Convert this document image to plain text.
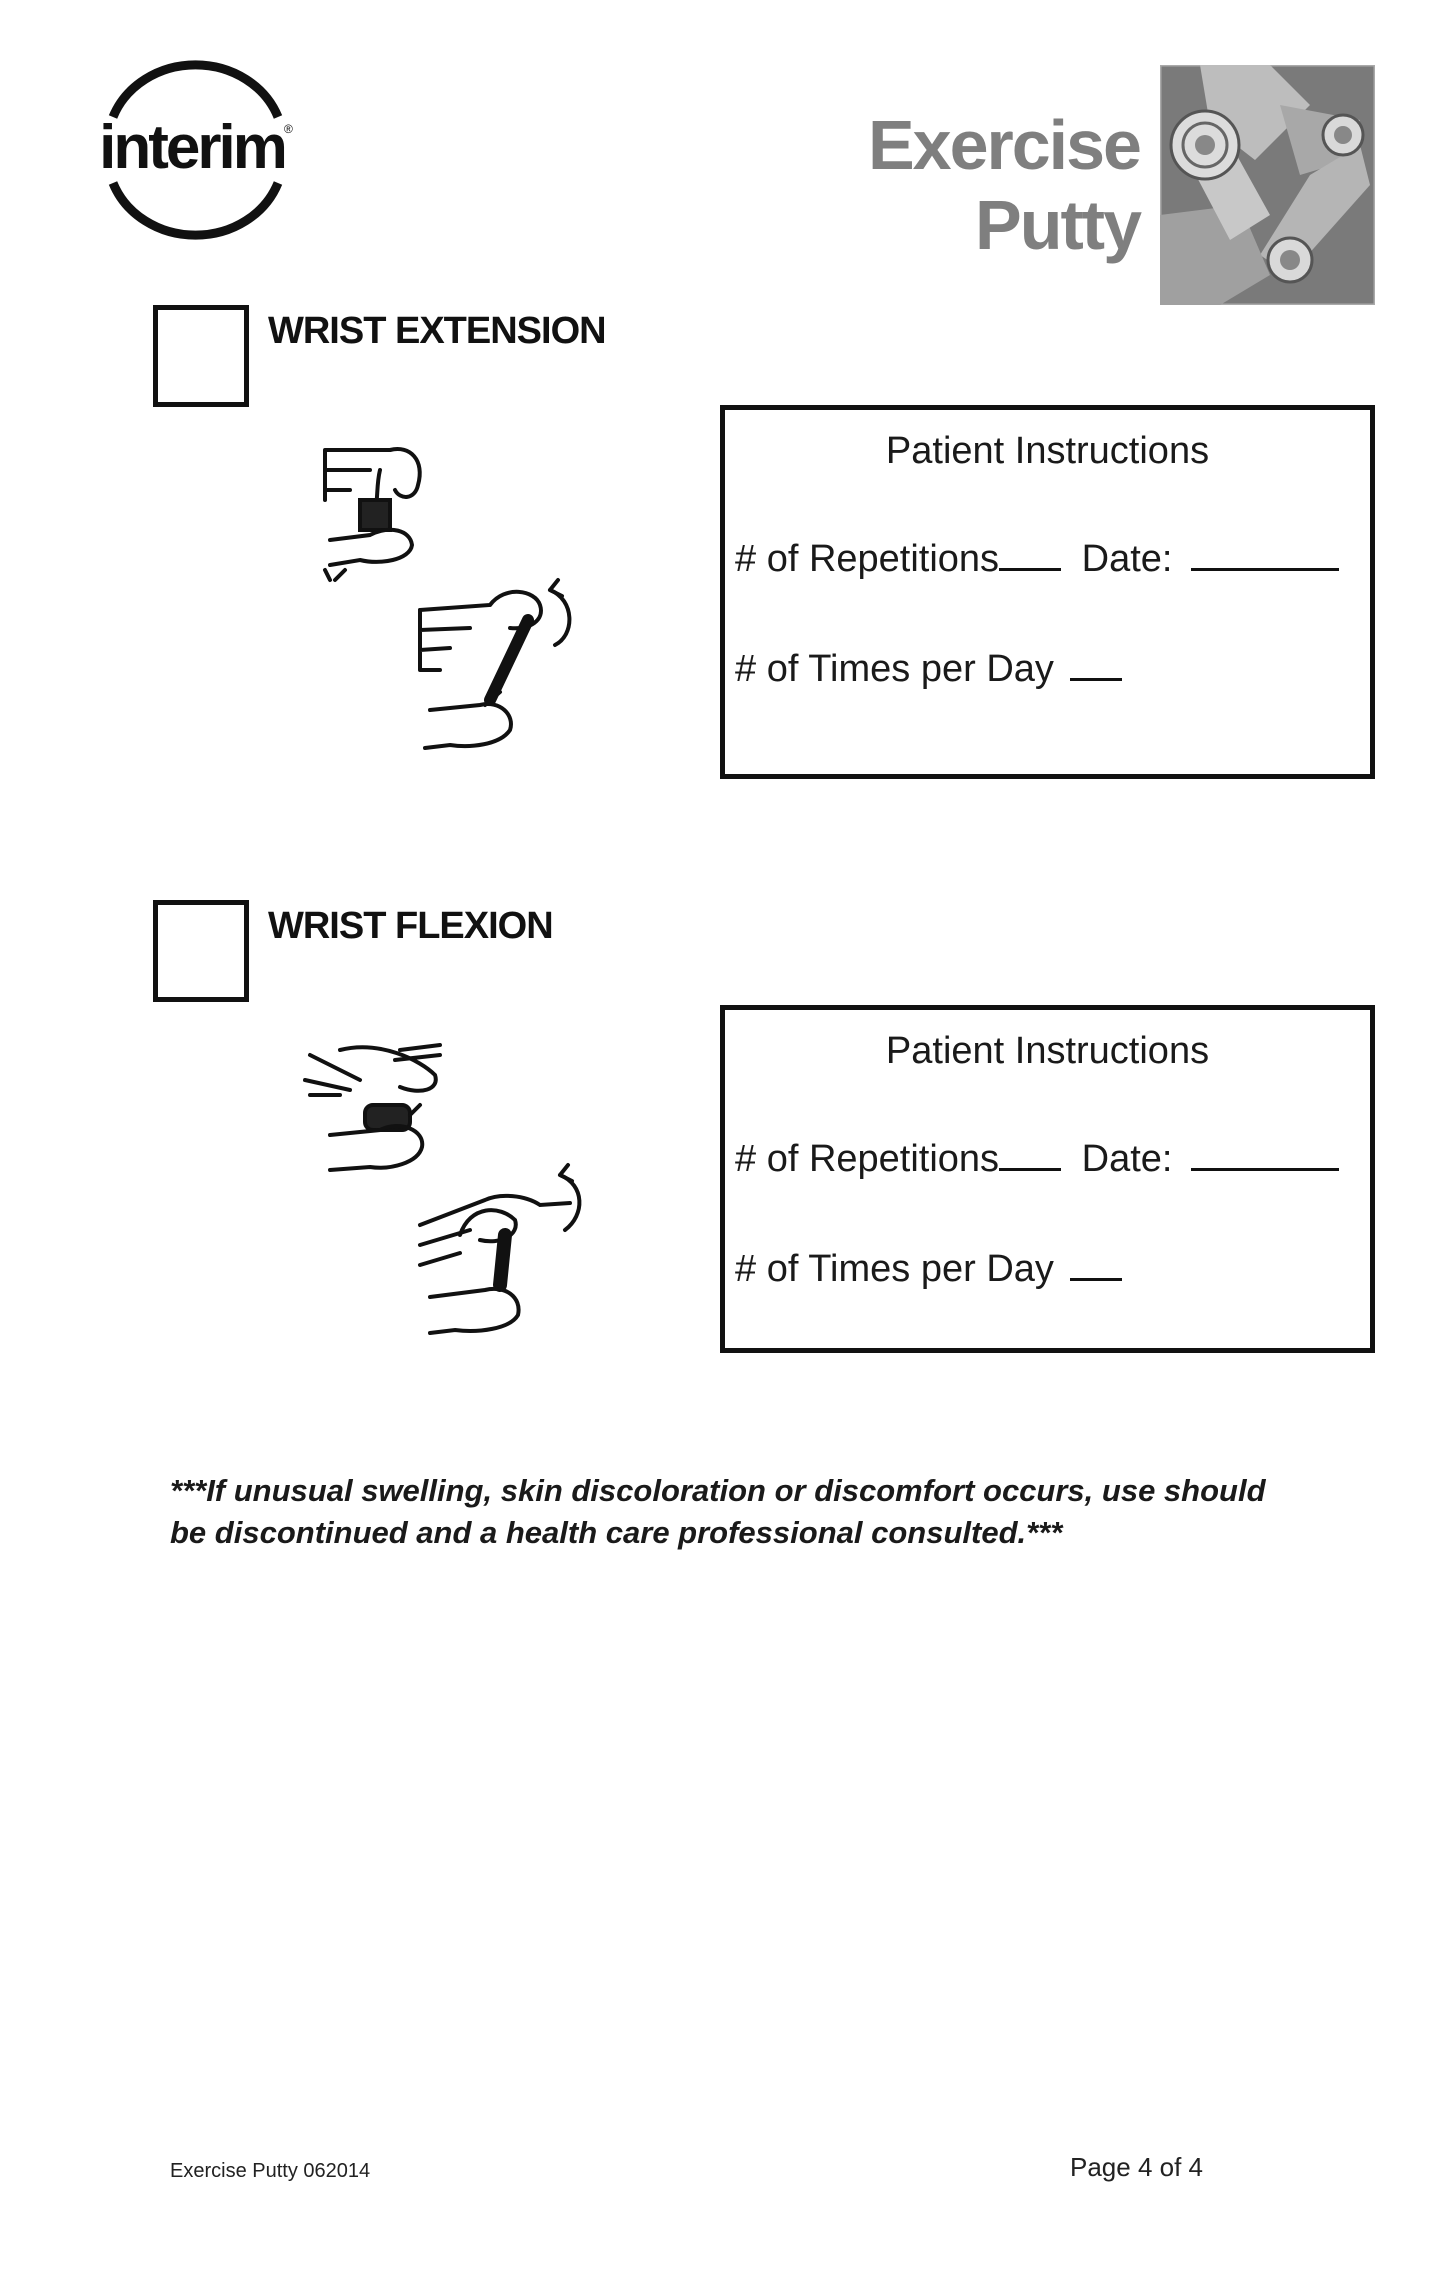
interim ®	Exercise Putty
WRIST EXTENSION
Patient Instructions
# of Repetitions Date:
# of Times per Day
WRIST FLEXION
Patient Instructions
# of Repetitions Date:
# of Times per Day
***If unusual swelling, skin discoloration or discomfort occurs, use should be discontinued and a health care professional consulted.***
Exercise Putty 062014	Page 4 of 4
